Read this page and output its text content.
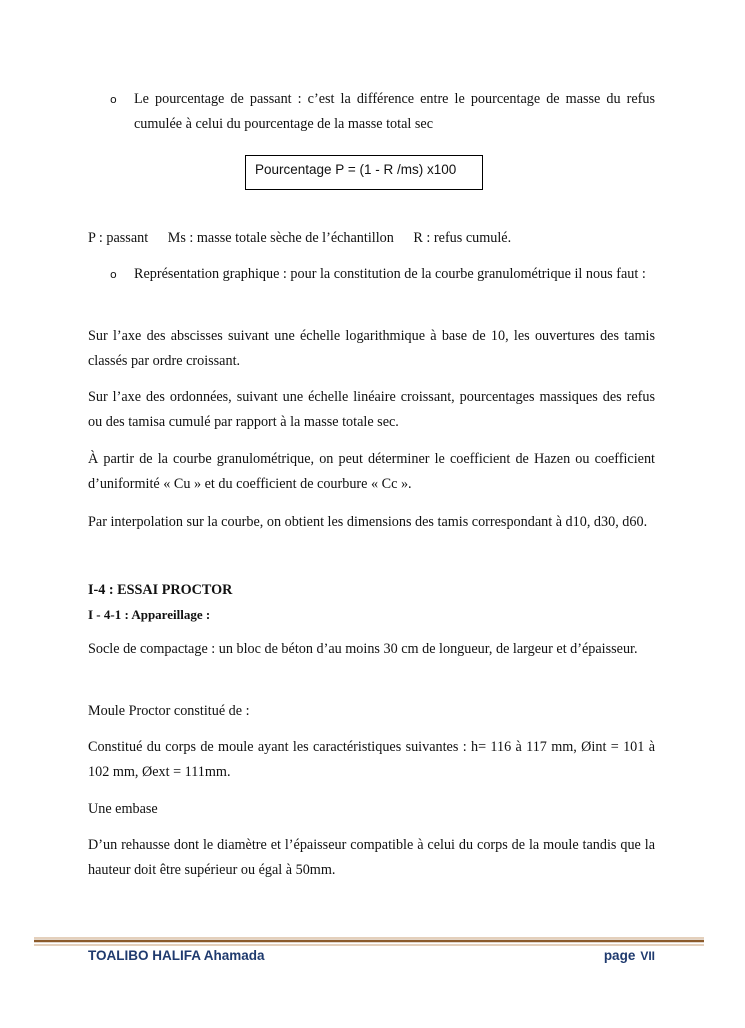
o Le pourcentage de passant : c’est la différence entre le pourcentage de masse du refus cumulée à celui du pourcentage de la masse total sec
Pourcentage P = (1 - R /ms) x100
P : passant Ms : masse totale sèche de l’échantillon R : refus cumulé.
o Représentation graphique : pour la constitution de la courbe granulométrique il nous faut :

Sur l’axe des abscisses suivant une échelle logarithmique à base de 10, les ouvertures des tamis classés par ordre croissant.

Sur l’axe des ordonnées, suivant une échelle linéaire croissant, pourcentages massiques des refus ou des tamisa cumulé par rapport à la masse totale sec.

À partir de la courbe granulométrique, on peut déterminer le coefficient de Hazen ou coefficient d’uniformité « Cu » et du coefficient de courbure « Cc ».

Par interpolation sur la courbe, on obtient les dimensions des tamis correspondant à d10, d30, d60.

I-4 : ESSAI PROCTOR
I - 4-1 : Appareillage :

Socle de compactage : un bloc de béton d’au moins 30 cm de longueur, de largeur et d’épaisseur.

Moule Proctor constitué de :

Constitué du corps de moule ayant les caractéristiques suivantes : h= 116 à 117 mm, Øint = 101 à 102 mm, Øext = 111mm.

Une embase

D’un rehausse dont le diamètre et l’épaisseur compatible à celui du corps de la moule tandis que la hauteur doit être supérieur ou égal à 50mm.

TOALIBO HALIFA Ahamada	page VII
